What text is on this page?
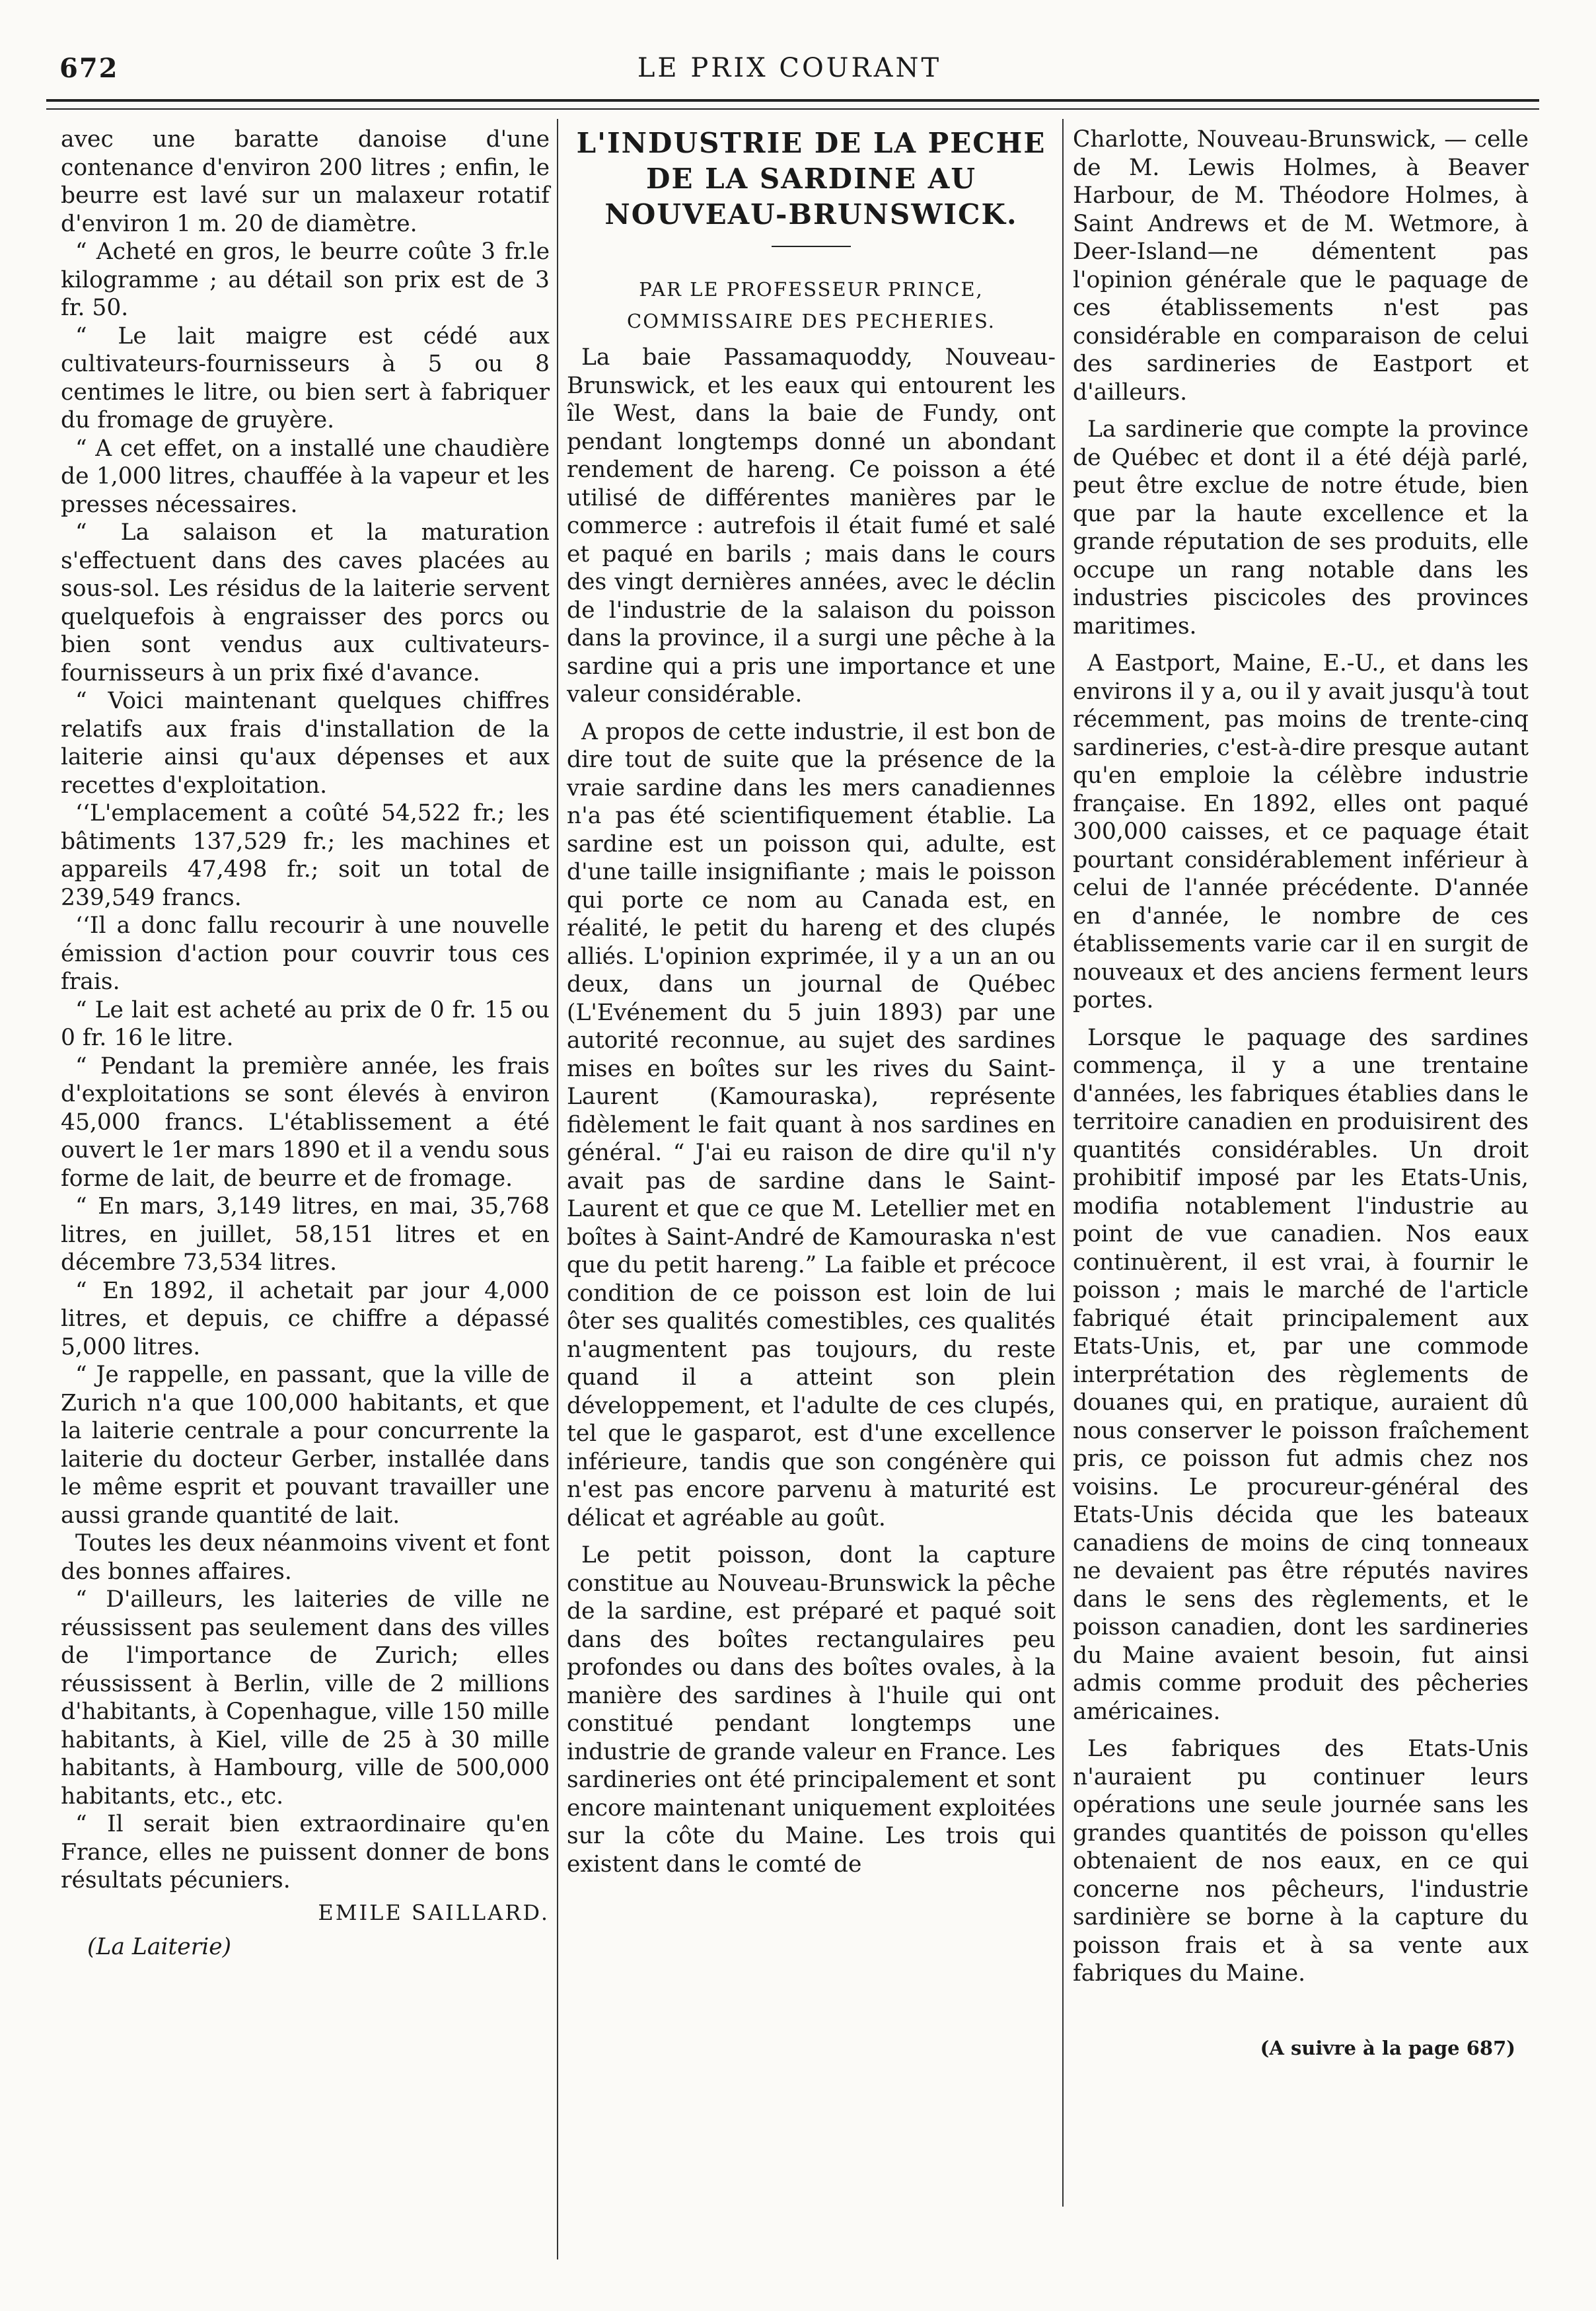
672	LE PRIX COURANT

avec une baratte danoise d'une contenance d'environ 200 litres ; enfin, le beurre est lavé sur un malaxeur rotatif d'environ 1 m. 20 de diamètre.

“ Acheté en gros, le beurre coûte 3 fr.le kilogramme ; au détail son prix est de 3 fr. 50.

“ Le lait maigre est cédé aux cultivateurs-fournisseurs à 5 ou 8 centimes le litre, ou bien sert à fabriquer du fromage de gruyère.

“ A cet effet, on a installé une chaudière de 1,000 litres, chauffée à la vapeur et les presses nécessaires.

“ La salaison et la maturation s'effectuent dans des caves placées au sous-sol. Les résidus de la laiterie servent quelquefois à engraisser des porcs ou bien sont vendus aux cultivateurs-fournisseurs à un prix fixé d'avance.

“ Voici maintenant quelques chiffres relatifs aux frais d'installation de la laiterie ainsi qu'aux dépenses et aux recettes d'exploitation.

‘‘L'emplacement a coûté 54,522 fr.; les bâtiments 137,529 fr.; les machines et appareils 47,498 fr.; soit un total de 239,549 francs.

‘‘Il a donc fallu recourir à une nouvelle émission d'action pour couvrir tous ces frais.

“ Le lait est acheté au prix de 0 fr. 15 ou 0 fr. 16 le litre.

“ Pendant la première année, les frais d'exploitations se sont élevés à environ 45,000 francs. L'établissement a été ouvert le 1er mars 1890 et il a vendu sous forme de lait, de beurre et de fromage.

“ En mars, 3,149 litres, en mai, 35,768 litres, en juillet, 58,151 litres et en décembre 73,534 litres.

“ En 1892, il achetait par jour 4,000 litres, et depuis, ce chiffre a dépassé 5,000 litres.

“ Je rappelle, en passant, que la ville de Zurich n'a que 100,000 habitants, et que la laiterie centrale a pour concurrente la laiterie du docteur Gerber, installée dans le même esprit et pouvant travailler une aussi grande quantité de lait.

Toutes les deux néanmoins vivent et font des bonnes affaires.

“ D'ailleurs, les laiteries de ville ne réussissent pas seulement dans des villes de l'importance de Zurich; elles réussissent à Berlin, ville de 2 millions d'habitants, à Copenhague, ville 150 mille habitants, à Kiel, ville de 25 à 30 mille habitants, à Hambourg, ville de 500,000 habitants, etc., etc.

“ Il serait bien extraordinaire qu'en France, elles ne puissent donner de bons résultats pécuniers.

EMILE SAILLARD.
(La Laiterie)
L'INDUSTRIE DE LA PECHE DE LA SARDINE AU NOUVEAU-BRUNSWICK.
PAR LE PROFESSEUR PRINCE, COMMISSAIRE DES PECHERIES.

La baie Passamaquoddy, Nouveau-Brunswick, et les eaux qui entourent les île West, dans la baie de Fundy, ont pendant longtemps donné un abondant rendement de hareng. Ce poisson a été utilisé de différentes manières par le commerce : autrefois il était fumé et salé et paqué en barils ; mais dans le cours des vingt dernières années, avec le déclin de l'industrie de la salaison du poisson dans la province, il a surgi une pêche à la sardine qui a pris une importance et une valeur considérable.

A propos de cette industrie, il est bon de dire tout de suite que la présence de la vraie sardine dans les mers canadiennes n'a pas été scientifiquement établie. La sardine est un poisson qui, adulte, est d'une taille insignifiante ; mais le poisson qui porte ce nom au Canada est, en réalité, le petit du hareng et des clupés alliés. L'opinion exprimée, il y a un an ou deux, dans un journal de Québec (L'Evénement du 5 juin 1893) par une autorité reconnue, au sujet des sardines mises en boîtes sur les rives du Saint-Laurent (Kamouraska), représente fidèlement le fait quant à nos sardines en général. “ J'ai eu raison de dire qu'il n'y avait pas de sardine dans le Saint-Laurent et que ce que M. Letellier met en boîtes à Saint-André de Kamouraska n'est que du petit hareng.” La faible et précoce condition de ce poisson est loin de lui ôter ses qualités comestibles, ces qualités n'augmentent pas toujours, du reste quand il a atteint son plein développement, et l'adulte de ces clupés, tel que le gasparot, est d'une excellence inférieure, tandis que son congénère qui n'est pas encore parvenu à maturité est délicat et agréable au goût.

Le petit poisson, dont la capture constitue au Nouveau-Brunswick la pêche de la sardine, est préparé et paqué soit dans des boîtes rectangulaires peu profondes ou dans des boîtes ovales, à la manière des sardines à l'huile qui ont constitué pendant longtemps une industrie de grande valeur en France. Les sardineries ont été principalement et sont encore maintenant uniquement exploitées sur la côte du Maine. Les trois qui existent dans le comté de

Charlotte, Nouveau-Brunswick, — celle de M. Lewis Holmes, à Beaver Harbour, de M. Théodore Holmes, à Saint Andrews et de M. Wetmore, à Deer-Island—ne démentent pas l'opinion générale que le paquage de ces établissements n'est pas considérable en comparaison de celui des sardineries de Eastport et d'ailleurs.

La sardinerie que compte la province de Québec et dont il a été déjà parlé, peut être exclue de notre étude, bien que par la haute excellence et la grande réputation de ses produits, elle occupe un rang notable dans les industries piscicoles des provinces maritimes.

A Eastport, Maine, E.-U., et dans les environs il y a, ou il y avait jusqu'à tout récemment, pas moins de trente-cinq sardineries, c'est-à-dire presque autant qu'en emploie la célèbre industrie française. En 1892, elles ont paqué 300,000 caisses, et ce paquage était pourtant considérablement inférieur à celui de l'année précédente. D'année en d'année, le nombre de ces établissements varie car il en surgit de nouveaux et des anciens ferment leurs portes.

Lorsque le paquage des sardines commença, il y a une trentaine d'années, les fabriques établies dans le territoire canadien en produisirent des quantités considérables. Un droit prohibitif imposé par les Etats-Unis, modifia notablement l'industrie au point de vue canadien. Nos eaux continuèrent, il est vrai, à fournir le poisson ; mais le marché de l'article fabriqué était principalement aux Etats-Unis, et, par une commode interprétation des règlements de douanes qui, en pratique, auraient dû nous conserver le poisson fraîchement pris, ce poisson fut admis chez nos voisins. Le procureur-général des Etats-Unis décida que les bateaux canadiens de moins de cinq tonneaux ne devaient pas être réputés navires dans le sens des règlements, et le poisson canadien, dont les sardineries du Maine avaient besoin, fut ainsi admis comme produit des pêcheries américaines.

Les fabriques des Etats-Unis n'auraient pu continuer leurs opérations une seule journée sans les grandes quantités de poisson qu'elles obtenaient de nos eaux, en ce qui concerne nos pêcheurs, l'industrie sardinière se borne à la capture du poisson frais et à sa vente aux fabriques du Maine.

(A suivre à la page 687)
